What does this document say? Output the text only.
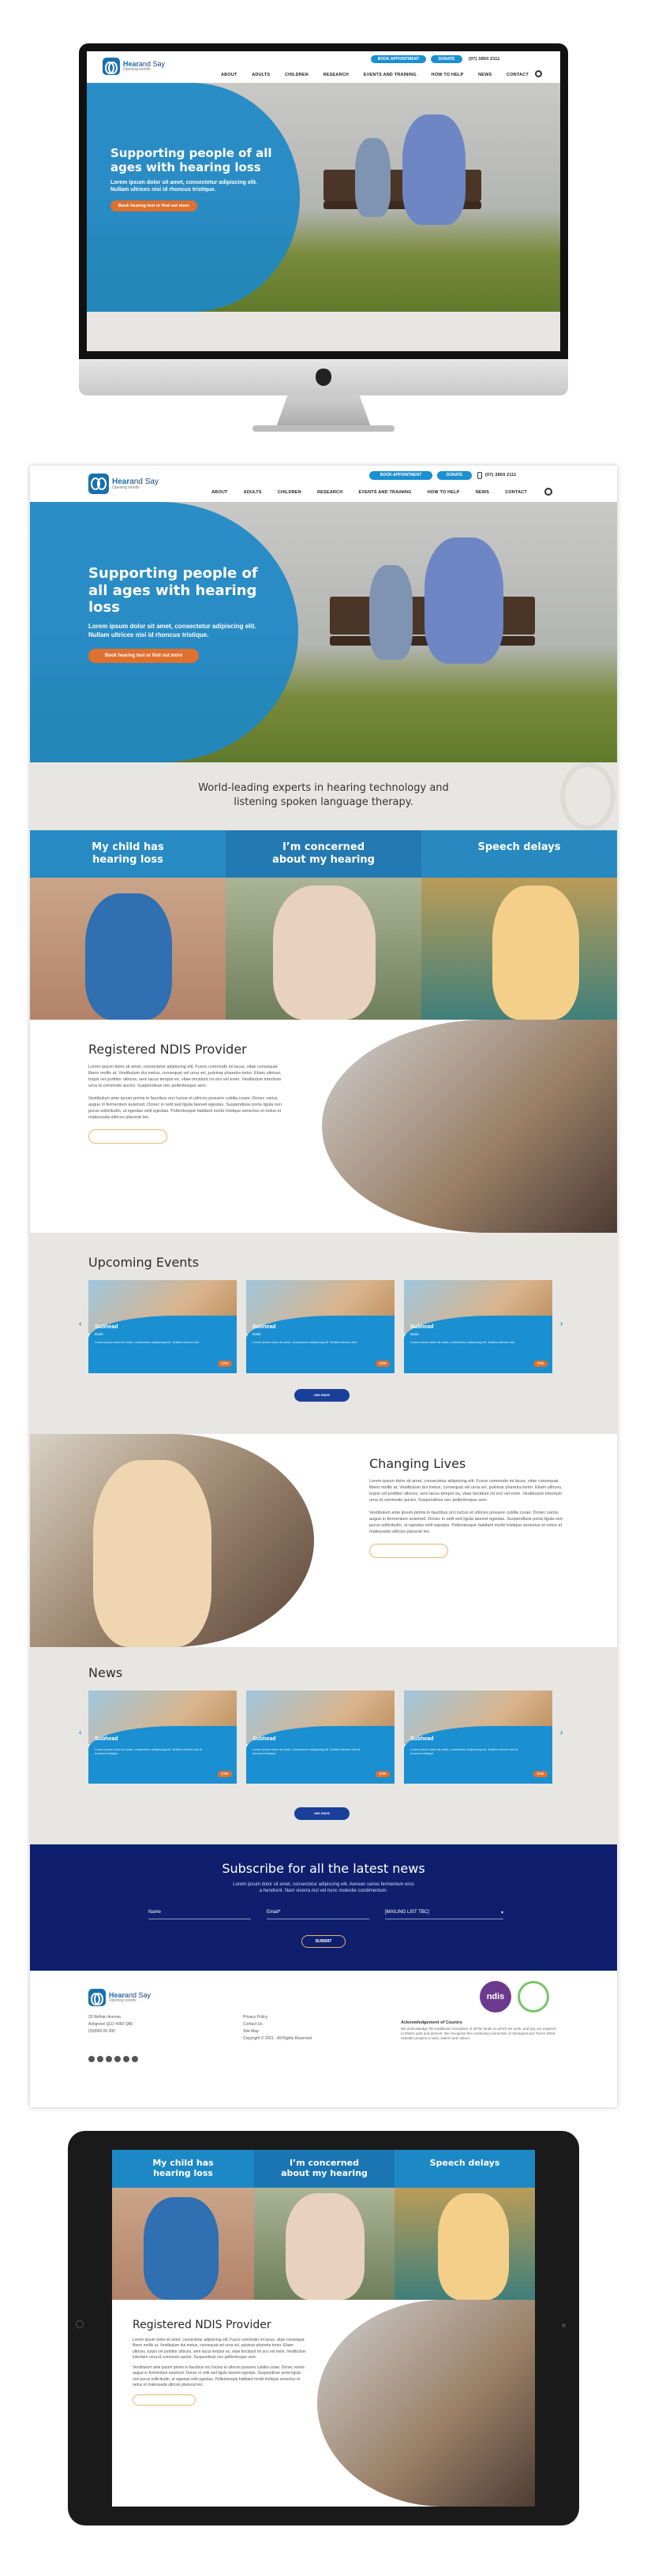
Hearand Say
Opening worlds
BOOK APPOINTMENT	DONATE	(07) 3850 2111
ABOUT	ADULTS	CHILDREN	RESEARCH	EVENTS AND TRAINING	HOW TO HELP	NEWS	CONTACT
Supporting people of all ages with hearing loss

Lorem ipsum dolor sit amet, consectetur adipiscing elit. Nullam ultrices nisi id rhoncus tristique.

Book hearing test or find out more
Hearand Say
Opening worlds
BOOK APPOINTMENT	DONATE	(07) 3850 2111
ABOUT	ADULTS	CHILDREN	RESEARCH	EVENTS AND TRAINING	HOW TO HELP	NEWS	CONTACT
Supporting people of all ages with hearing loss

Lorem ipsum dolor sit amet, consectetur adipiscing elit. Nullam ultrices nisi id rhoncus tristique.

Book hearing test or find out more
World-leading experts in hearing technology and
listening spoken language therapy.
My child has
hearing loss
I’m concerned
about my hearing
Speech delays
Registered NDIS Provider

Lorem ipsum dolor sit amet, consectetur adipiscing elit. Fusce commodo mi lacus, vitae consequat libero mollis at. Vestibulum dui metus, consequat vel urna vel, pulvinar pharetra tortor. Etiam ultrices, turpis vel porttitor ultrices, sem lacus tempor ex, vitae tincidunt mi orci vel enim. Vestibulum interdum urna id commodo auctor. Suspendisse nec pellentesque sem.

Vestibulum ante ipsum primis in faucibus orci luctus et ultrices posuere cubilia curae; Donec varius augue in fermentum euismod. Donec in velit sed ligula laoreet egestas. Suspendisse porta ligula non purus sollicitudin, ut egestas velit egestas. Pellentesque habitant morbi tristique senectus et netus et malesuada ultrices placerat leo.

Upcoming Events
‹	›
Subhead
Darle
Lorem ipsum dolor sit amet, consectetur adipiscing elit. Nullam ultrices nisi.
CTA
Subhead
Darle
Lorem ipsum dolor sit amet, consectetur adipiscing elit. Nullam ultrices nisi.
CTA
Subhead
Darle
Lorem ipsum dolor sit amet, consectetur adipiscing elit. Nullam ultrices nisi.
CTA
see more
Changing Lives

Lorem ipsum dolor sit amet, consectetur adipiscing elit. Fusce commodo mi lacus, vitae consequat libero mollis at. Vestibulum dui metus, consequat vel urna vel, pulvinar pharetra tortor. Etiam ultrices, turpis vel porttitor ultrices, sem lacus tempor ex, vitae tincidunt mi orci vel enim. Vestibulum interdum urna id commodo auctor. Suspendisse nec pellentesque sem.

Vestibulum ante ipsum primis in faucibus orci luctus et ultrices posuere cubilia curae; Donec varius augue in fermentum euismod. Donec in velit sed ligula laoreet egestas. Suspendisse porta ligula non purus sollicitudin, ut egestas velit egestas. Pellentesque habitant morbi tristique senectus et netus et malesuada ultrices placerat leo.

News
‹	›
Subhead
Lorem ipsum dolor sit amet, consectetur adipiscing elit. Nullam ultrices nisi id rhoncus tristique.
CTA
Subhead
Lorem ipsum dolor sit amet, consectetur adipiscing elit. Nullam ultrices nisi id rhoncus tristique.
CTA
Subhead
Lorem ipsum dolor sit amet, consectetur adipiscing elit. Nullam ultrices nisi id rhoncus tristique.
CTA
see more
Subscribe for all the latest news

Lorem ipsum dolor sit amet, consectetur adipiscing elit. Aenean varius fermentum eros

a hendrerit. Nam viverra nisl vel nunc molestie condimentum.

Name	Email*	[MAILING LIST TBC]	▾
SUBMIT
Hearand Say
Opening worlds
29 Nothan Avenue,
Ashgrove QLD 4060 Q80
(0)0000 00 000
Privacy Policy
Contact Us
Site Map
Copyright © 2021 - All Rights Reserved
ndis
Acknowledgement of Country
We acknowledge the traditional custodians of all the lands on which we work, and pay our respects to Elders past and present. We recognise the continuing connection of Aboriginal and Torres Strait Islander peoples to land, waters and culture.
My child has
hearing loss
I’m concerned
about my hearing
Speech delays
Registered NDIS Provider

Lorem ipsum dolor sit amet, consectetur adipiscing elit. Fusce commodo mi lacus, vitae consequat libero mollis at. Vestibulum dui metus, consequat vel urna vel, pulvinar pharetra tortor. Etiam ultrices, turpis vel porttitor ultrices, sem lacus tempor ex, vitae tincidunt mi orci vel enim. Vestibulum interdum urna id commodo auctor. Suspendisse nec pellentesque sem.

Vestibulum ante ipsum primis in faucibus orci luctus et ultrices posuere cubilia curae; Donec varius augue in fermentum euismod. Donec in velit sed ligula laoreet egestas. Suspendisse porta ligula non purus sollicitudin, ut egestas velit egestas. Pellentesque habitant morbi tristique senectus et netus et malesuada ultrices placerat leo.
